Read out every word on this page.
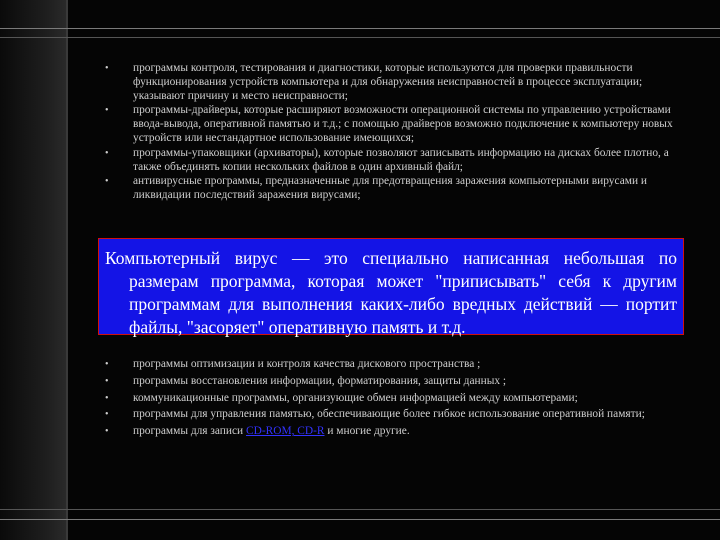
• программы контроля, тестирования и диагностики, которые используются для проверки правильности функционирования устройств компьютера и для обнаружения неисправностей в процессе эксплуатации; указывают причину и место неисправности;
• программы-драйверы, которые расширяют возможности операционной системы по управлению устройствами ввода-вывода, оперативной памятью и т.д.; с помощью драйверов возможно подключение к компьютеру новых устройств или нестандартное использование имеющихся;
• программы-упаковщики (архиваторы), которые позволяют записывать информацию на дисках более плотно, а также объединять копии нескольких файлов в один архивный файл;
• антивирусные программы, предназначенные для предотвращения заражения компьютерными вирусами и ликвидации последствий заражения вирусами;
• программы оптимизации и контроля качества дискового пространства ;
• программы восстановления информации, форматирования, защиты данных ;
• коммуникационные программы, организующие обмен информацией между компьютерами;
• программы для управления памятью, обеспечивающие более гибкое использование оперативной памяти;
• программы для записи CD-ROM, CD-R и многие другие.
Компьютерный вирус — это специально написанная небольшая по размерам программа, которая может "приписывать" себя к другим программам для выполнения каких-либо вредных действий — портит файлы, "засоряет" оперативную память и т.д.
